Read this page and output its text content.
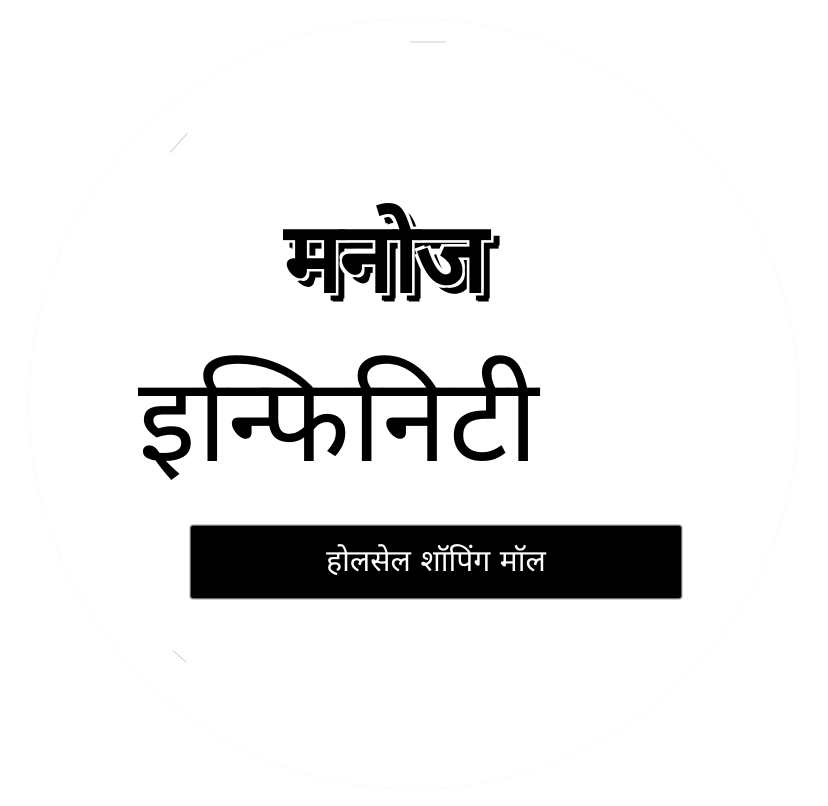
मनोज
इन्फिनिटी
होलसेल शॉपिंग मॉल
